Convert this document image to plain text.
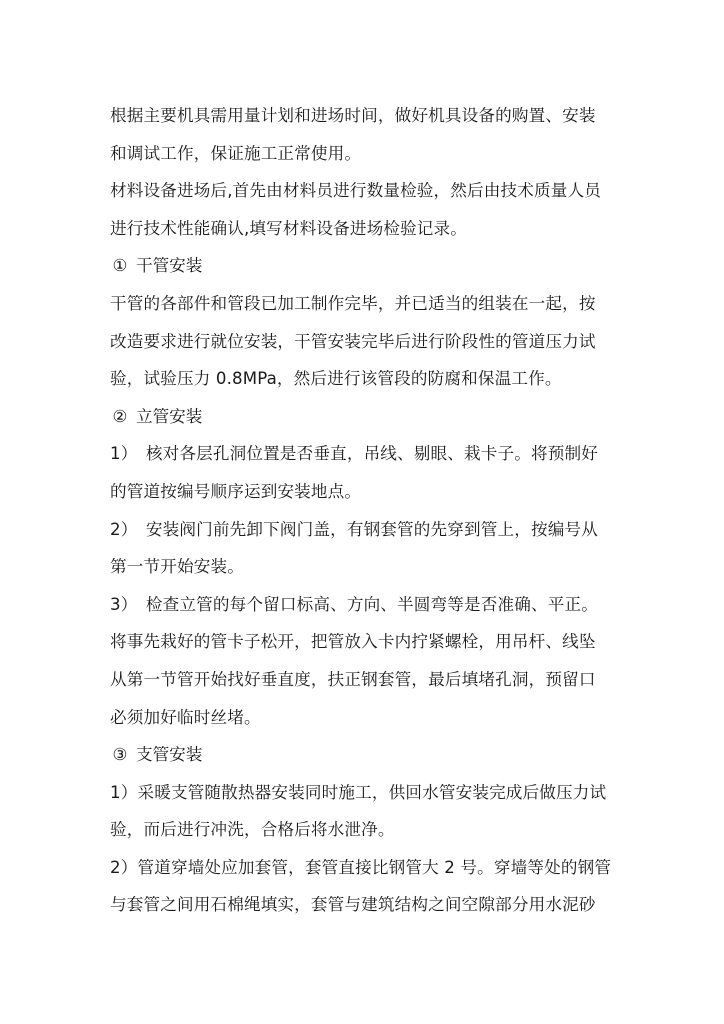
根据主要机具需用量计划和进场时间，做好机具设备的购置、安装
和调试工作，保证施工正常使用。
材料设备进场后,首先由材料员进行数量检验，然后由技术质量人员
进行技术性能确认,填写材料设备进场检验记录。
① 干管安装
干管的各部件和管段已加工制作完毕，并已适当的组装在一起，按
改造要求进行就位安装，干管安装完毕后进行阶段性的管道压力试
验，试验压力 0.8MPa，然后进行该管段的防腐和保温工作。
② 立管安装
1）　核对各层孔洞位置是否垂直，吊线、剔眼、栽卡子。将预制好
的管道按编号顺序运到安装地点。
2）　安装阀门前先卸下阀门盖，有钢套管的先穿到管上，按编号从
第一节开始安装。
3）　检查立管的每个留口标高、方向、半圆弯等是否准确、平正。
将事先栽好的管卡子松开，把管放入卡内拧紧螺栓，用吊杆、线坠
从第一节管开始找好垂直度，扶正钢套管，最后填堵孔洞，预留口
必须加好临时丝堵。
③ 支管安装
1）采暖支管随散热器安装同时施工，供回水管安装完成后做压力试
验，而后进行冲洗，合格后将水泄净。
2）管道穿墙处应加套管，套管直接比钢管大 2 号。穿墙等处的钢管
与套管之间用石棉绳填实，套管与建筑结构之间空隙部分用水泥砂
